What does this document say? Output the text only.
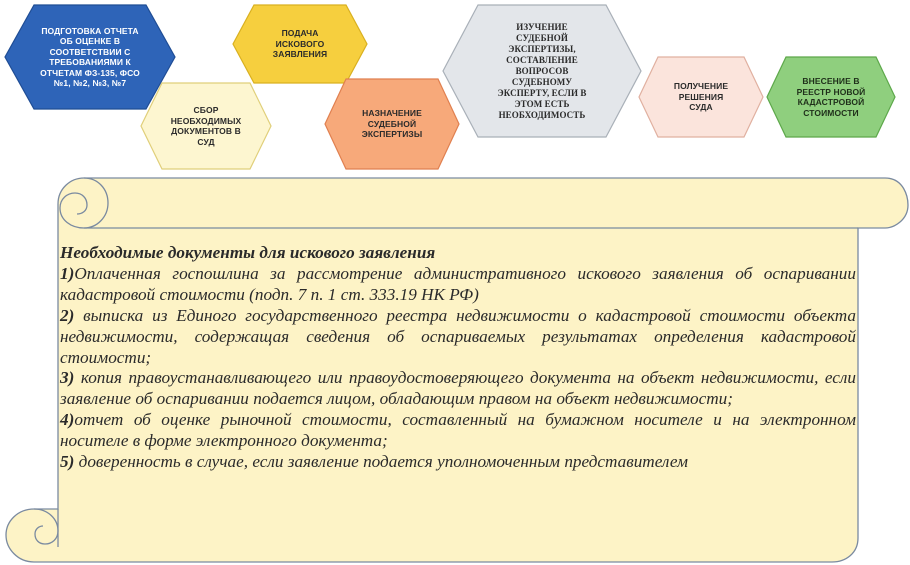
ПОДГОТОВКА ОТЧЕТА ОБ ОЦЕНКЕ В СООТВЕТСТВИИ С ТРЕБОВАНИЯМИ К ОТЧЕТАМ ФЗ-135, ФСО №1, №2, №3, №7
СБОР НЕОБХОДИМЫХ ДОКУМЕНТОВ В СУД
ПОДАЧА ИСКОВОГО ЗАЯВЛЕНИЯ
НАЗНАЧЕНИЕ СУДЕБНОЙ ЭКСПЕРТИЗЫ
ИЗУЧЕНИЕ СУДЕБНОЙ ЭКСПЕРТИЗЫ, СОСТАВЛЕНИЕ ВОПРОСОВ СУДЕБНОМУ ЭКСПЕРТУ, ЕСЛИ В ЭТОМ ЕСТЬ НЕОБХОДИМОСТЬ
ПОЛУЧЕНИЕ РЕШЕНИЯ СУДА
ВНЕСЕНИЕ В РЕЕСТР НОВОЙ КАДАСТРОВОЙ СТОИМОСТИ

Необходимые документы для искового заявления

1)Оплаченная госпошлина за рассмотрение административного искового заявления об оспаривании кадастровой стоимости (подп. 7 п. 1 ст. 333.19 НК РФ)

2) выписка из Единого государственного реестра недвижимости о кадастровой стоимости объекта недвижимости, содержащая сведения об оспариваемых результатах определения кадастровой стоимости;

3) копия правоустанавливающего или правоудостоверяющего документа на объект недвижимости, если заявление об оспаривании подается лицом, обладающим правом на объект недвижимости;

4)отчет об оценке рыночной стоимости, составленный на бумажном носителе и на электронном носителе в форме электронного документа;

5) доверенность в случае, если заявление подается уполномоченным представителем
